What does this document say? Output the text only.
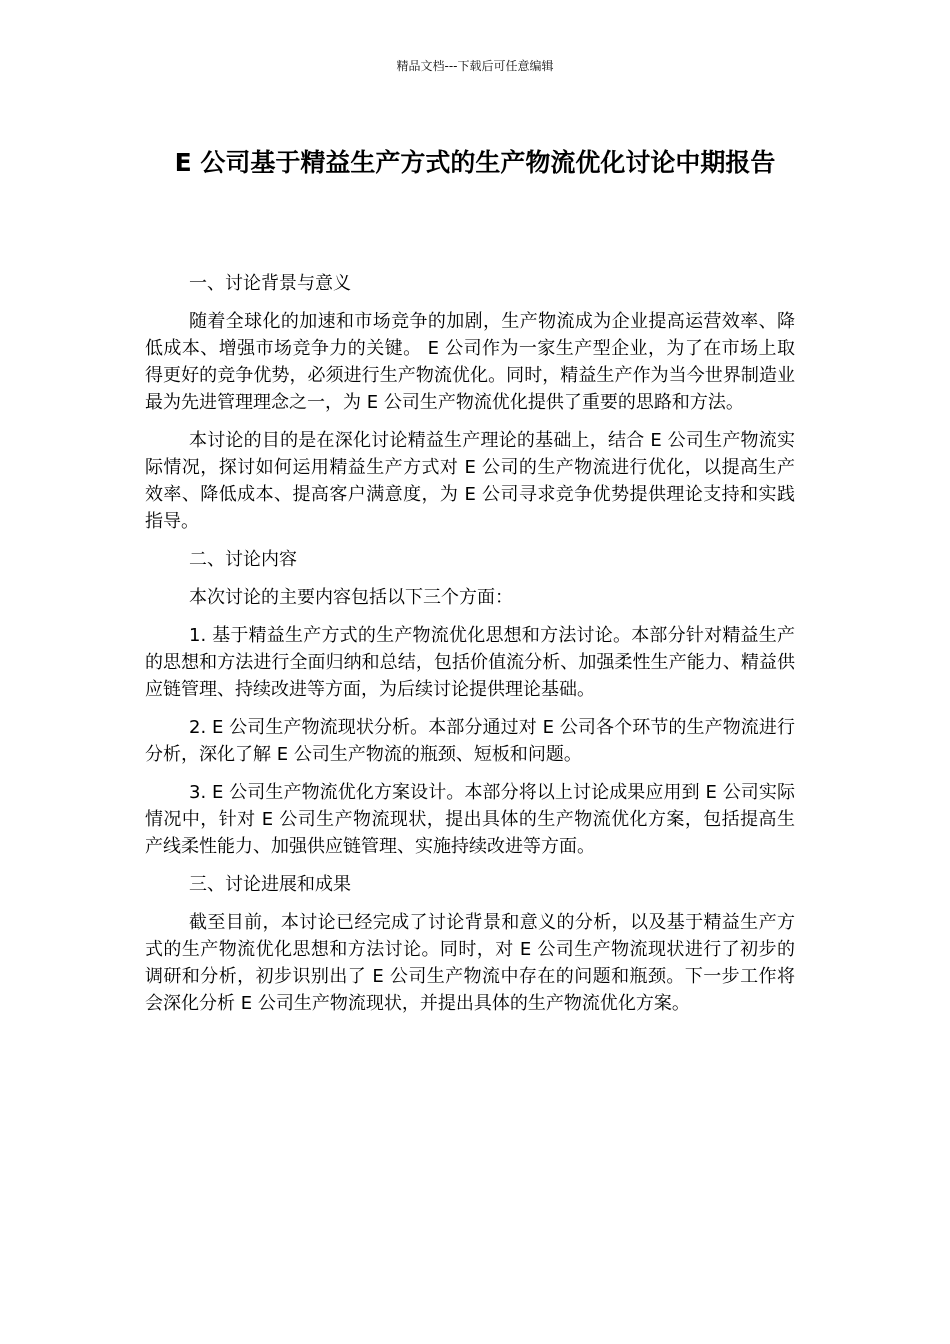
精品文档---下载后可任意编辑
E 公司基于精益生产方式的生产物流优化讨论中期报告
一、讨论背景与意义

随着全球化的加速和市场竞争的加剧，生产物流成为企业提高运营效率、降低成本、增强市场竞争力的关键。 E 公司作为一家生产型企业，为了在市场上取得更好的竞争优势，必须进行生产物流优化。同时，精益生产作为当今世界制造业最为先进管理理念之一，为 E 公司生产物流优化提供了重要的思路和方法。

本讨论的目的是在深化讨论精益生产理论的基础上，结合 E 公司生产物流实际情况，探讨如何运用精益生产方式对 E 公司的生产物流进行优化，以提高生产效率、降低成本、提高客户满意度，为 E 公司寻求竞争优势提供理论支持和实践指导。

二、讨论内容

本次讨论的主要内容包括以下三个方面：

1. 基于精益生产方式的生产物流优化思想和方法讨论。本部分针对精益生产的思想和方法进行全面归纳和总结，包括价值流分析、加强柔性生产能力、精益供应链管理、持续改进等方面，为后续讨论提供理论基础。

2. E 公司生产物流现状分析。本部分通过对 E 公司各个环节的生产物流进行分析，深化了解 E 公司生产物流的瓶颈、短板和问题。

3. E 公司生产物流优化方案设计。本部分将以上讨论成果应用到 E 公司实际情况中，针对 E 公司生产物流现状，提出具体的生产物流优化方案，包括提高生产线柔性能力、加强供应链管理、实施持续改进等方面。

三、讨论进展和成果

截至目前，本讨论已经完成了讨论背景和意义的分析，以及基于精益生产方式的生产物流优化思想和方法讨论。同时，对 E 公司生产物流现状进行了初步的调研和分析，初步识别出了 E 公司生产物流中存在的问题和瓶颈。下一步工作将会深化分析 E 公司生产物流现状，并提出具体的生产物流优化方案。
